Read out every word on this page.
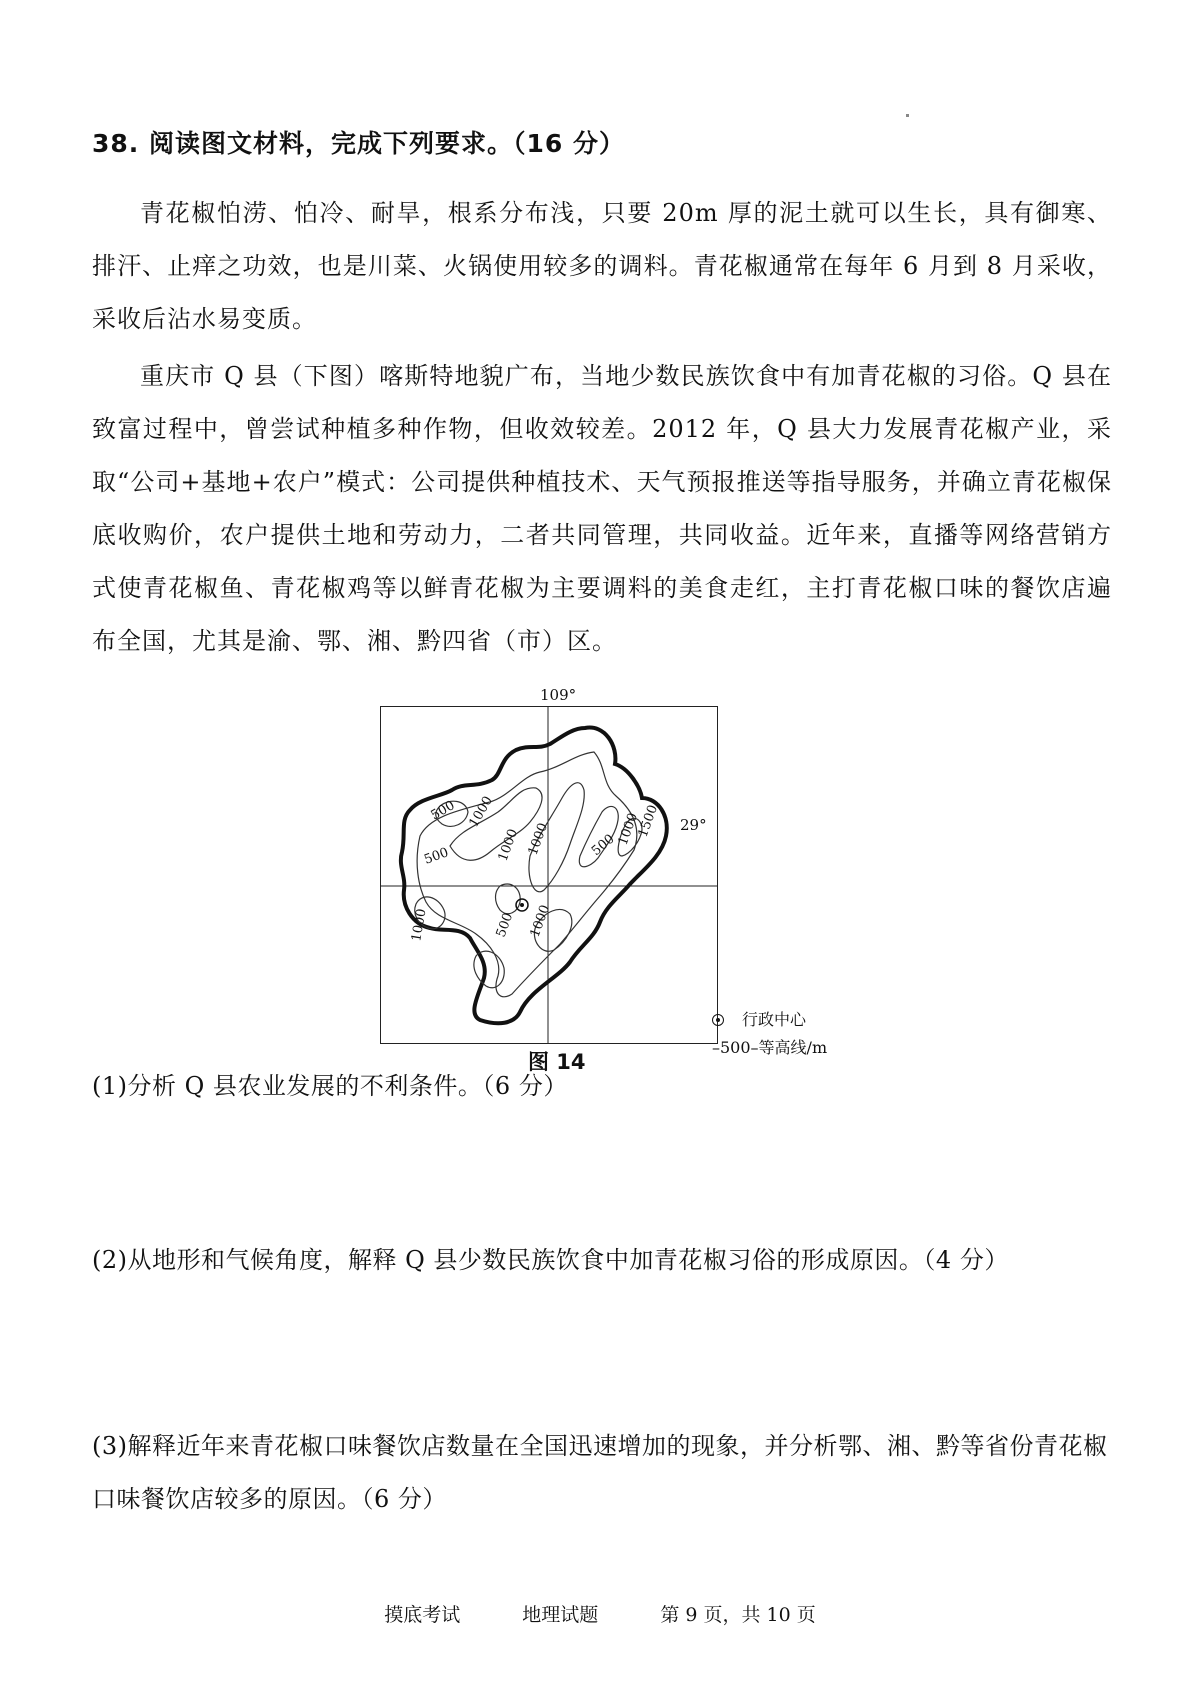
38. 阅读图文材料，完成下列要求。（16 分）

青花椒怕涝、怕冷、耐旱，根系分布浅，只要 20m 厚的泥土就可以生长，具有御寒、排汗、止痒之功效，也是川菜、火锅使用较多的调料。青花椒通常在每年 6 月到 8 月采收，采收后沾水易变质。

重庆市 Q 县（下图）喀斯特地貌广布，当地少数民族饮食中有加青花椒的习俗。Q 县在致富过程中，曾尝试种植多种作物，但收效较差。2012 年，Q 县大力发展青花椒产业，采取“公司+基地+农户”模式：公司提供种植技术、天气预报推送等指导服务，并确立青花椒保底收购价，农户提供土地和劳动力，二者共同管理，共同收益。近年来，直播等网络营销方式使青花椒鱼、青花椒鸡等以鲜青花椒为主要调料的美食走红，主打青花椒口味的餐饮店遍布全国，尤其是渝、鄂、湘、黔四省（市）区。

109°
500 1000
500	1000
1000
500
1000
1500
1000
500 1000
29°
行政中心
– 500 – 等高线/m
图 14
(1)分析 Q 县农业发展的不利条件。（6 分）
(2)从地形和气候角度，解释 Q 县少数民族饮食中加青花椒习俗的形成原因。（4 分）
(3)解释近年来青花椒口味餐饮店数量在全国迅速增加的现象，并分析鄂、湘、黔等省份青花椒口味餐饮店较多的原因。（6 分）
摸底考试	地理试题	第 9 页，共 10 页
